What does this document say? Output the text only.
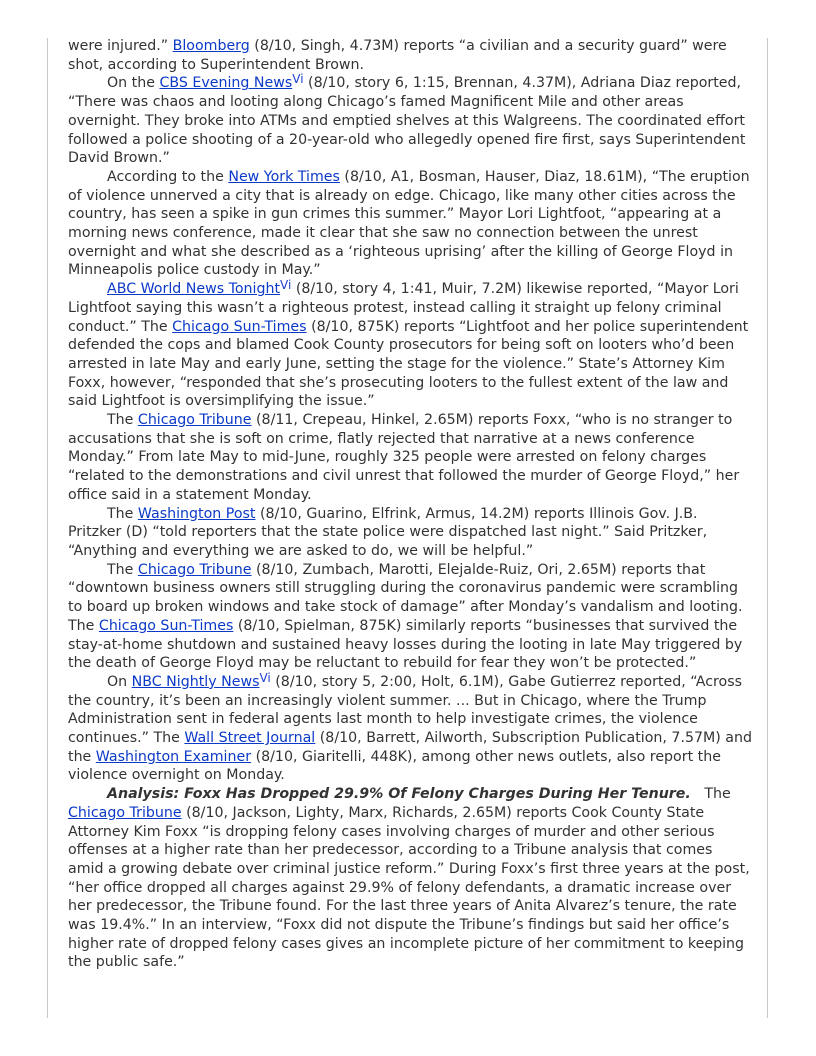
were injured.” Bloomberg (8/10, Singh, 4.73M) reports “a civilian and a security guard” were shot, according to Superintendent Brown.

On the CBS Evening News$^{Vi}$ (8/10, story 6, 1:15, Brennan, 4.37M), Adriana Diaz reported, “There was chaos and looting along Chicago’s famed Magnificent Mile and other areas overnight. They broke into ATMs and emptied shelves at this Walgreens. The coordinated effort followed a police shooting of a 20-year-old who allegedly opened fire first, says Superintendent David Brown.”

According to the New York Times (8/10, A1, Bosman, Hauser, Diaz, 18.61M), “The eruption of violence unnerved a city that is already on edge. Chicago, like many other cities across the country, has seen a spike in gun crimes this summer.” Mayor Lori Lightfoot, “appearing at a morning news conference, made it clear that she saw no connection between the unrest overnight and what she described as a ‘righteous uprising’ after the killing of George Floyd in Minneapolis police custody in May.”

ABC World News Tonight$^{Vi}$ (8/10, story 4, 1:41, Muir, 7.2M) likewise reported, “Mayor Lori Lightfoot saying this wasn’t a righteous protest, instead calling it straight up felony criminal conduct.” The Chicago Sun-Times (8/10, 875K) reports “Lightfoot and her police superintendent defended the cops and blamed Cook County prosecutors for being soft on looters who’d been arrested in late May and early June, setting the stage for the violence.” State’s Attorney Kim Foxx, however, “responded that she’s prosecuting looters to the fullest extent of the law and said Lightfoot is oversimplifying the issue.”

The Chicago Tribune (8/11, Crepeau, Hinkel, 2.65M) reports Foxx, “who is no stranger to accusations that she is soft on crime, flatly rejected that narrative at a news conference Monday.” From late May to mid-June, roughly 325 people were arrested on felony charges “related to the demonstrations and civil unrest that followed the murder of George Floyd,” her office said in a statement Monday.

The Washington Post (8/10, Guarino, Elfrink, Armus, 14.2M) reports Illinois Gov. J.B. Pritzker (D) “told reporters that the state police were dispatched last night.” Said Pritzker, “Anything and everything we are asked to do, we will be helpful.”

The Chicago Tribune (8/10, Zumbach, Marotti, Elejalde-Ruiz, Ori, 2.65M) reports that “downtown business owners still struggling during the coronavirus pandemic were scrambling to board up broken windows and take stock of damage” after Monday’s vandalism and looting. The Chicago Sun-Times (8/10, Spielman, 875K) similarly reports “businesses that survived the stay-at-home shutdown and sustained heavy losses during the looting in late May triggered by the death of George Floyd may be reluctant to rebuild for fear they won’t be protected.”

On NBC Nightly News$^{Vi}$ (8/10, story 5, 2:00, Holt, 6.1M), Gabe Gutierrez reported, “Across the country, it’s been an increasingly violent summer. ... But in Chicago, where the Trump Administration sent in federal agents last month to help investigate crimes, the violence continues.” The Wall Street Journal (8/10, Barrett, Ailworth, Subscription Publication, 7.57M) and the Washington Examiner (8/10, Giaritelli, 448K), among other news outlets, also report the violence overnight on Monday.

Analysis: Foxx Has Dropped 29.9% Of Felony Charges During Her Tenure.   The Chicago Tribune (8/10, Jackson, Lighty, Marx, Richards, 2.65M) reports Cook County State Attorney Kim Foxx “is dropping felony cases involving charges of murder and other serious offenses at a higher rate than her predecessor, according to a Tribune analysis that comes amid a growing debate over criminal justice reform.” During Foxx’s first three years at the post, “her office dropped all charges against 29.9% of felony defendants, a dramatic increase over her predecessor, the Tribune found. For the last three years of Anita Alvarez’s tenure, the rate was 19.4%.” In an interview, “Foxx did not dispute the Tribune’s findings but said her office’s higher rate of dropped felony cases gives an incomplete picture of her commitment to keeping the public safe.”
